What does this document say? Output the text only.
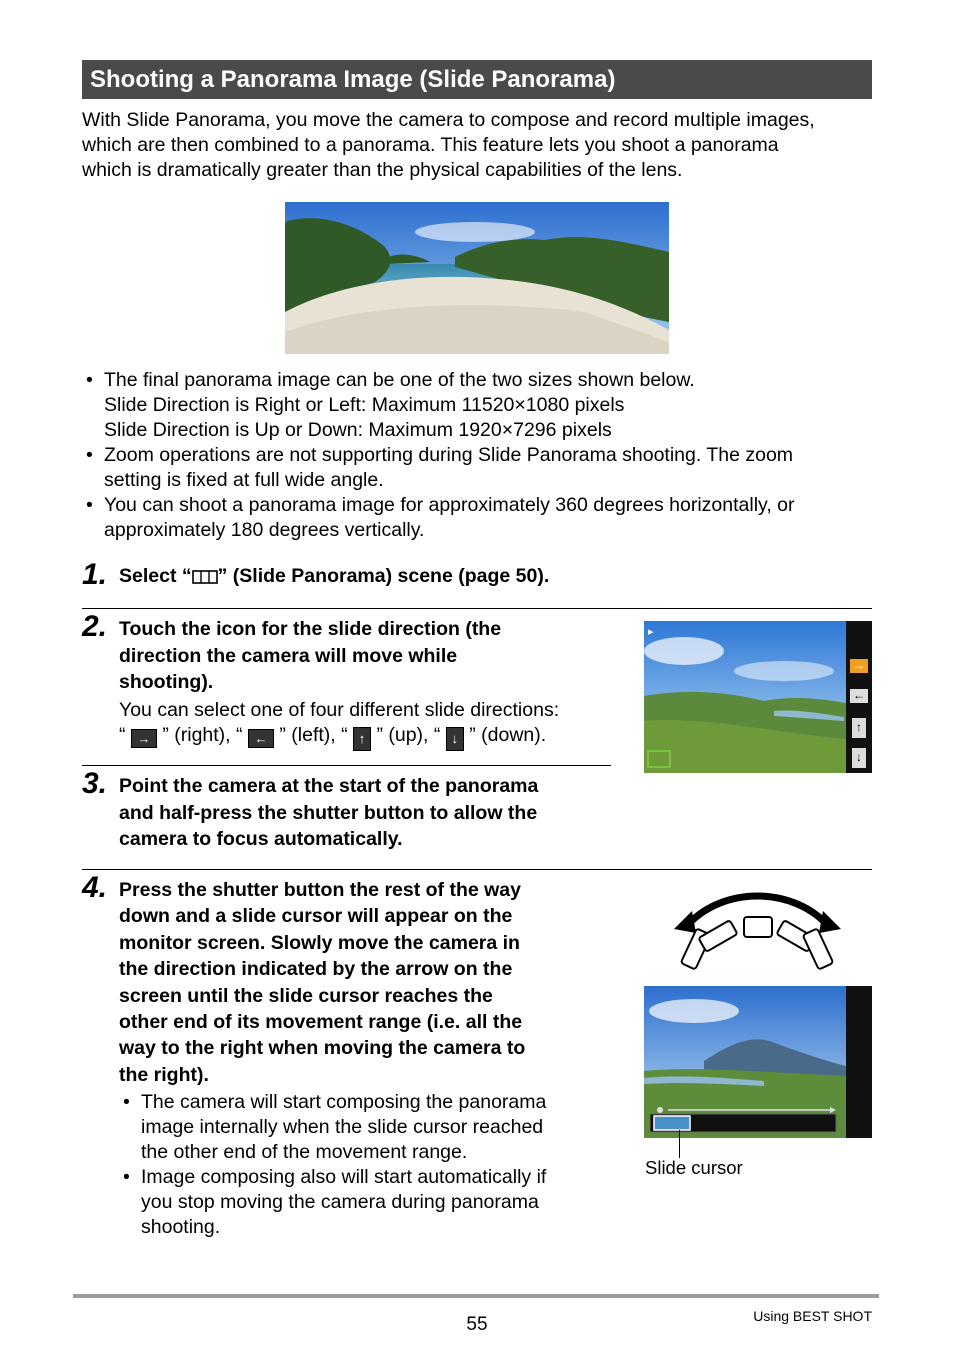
Shooting a Panorama Image (Slide Panorama)
With Slide Panorama, you move the camera to compose and record multiple images,
which are then combined to a panorama. This feature lets you shoot a panorama
which is dramatically greater than the physical capabilities of the lens.
• The final panorama image can be one of the two sizes shown below.
Slide Direction is Right or Left: Maximum 11520×1080 pixels
Slide Direction is Up or Down: Maximum 1920×7296 pixels
• Zoom operations are not supporting during Slide Panorama shooting. The zoom
setting is fixed at full wide angle.
• You can shoot a panorama image for approximately 360 degrees horizontally, or
approximately 180 degrees vertically.
1. Select “ ” (Slide Panorama) scene (page 50).
2. Touch the icon for the slide direction (the
direction the camera will move while
shooting).
You can select one of four different slide directions:
“ → ” (right), “ ← ” (left), “ ↑ ” (up), “ ↓ ” (down).
▸
→
←
↑
↓
3. Point the camera at the start of the panorama
and half-press the shutter button to allow the
camera to focus automatically.
4. Press the shutter button the rest of the way
down and a slide cursor will appear on the
monitor screen. Slowly move the camera in
the direction indicated by the arrow on the
screen until the slide cursor reaches the
other end of its movement range (i.e. all the
way to the right when moving the camera to
the right).
• The camera will start composing the panorama
image internally when the slide cursor reached
the other end of the movement range.
• Image composing also will start automatically if
you stop moving the camera during panorama
shooting.
Slide cursor
55	Using BEST SHOT
